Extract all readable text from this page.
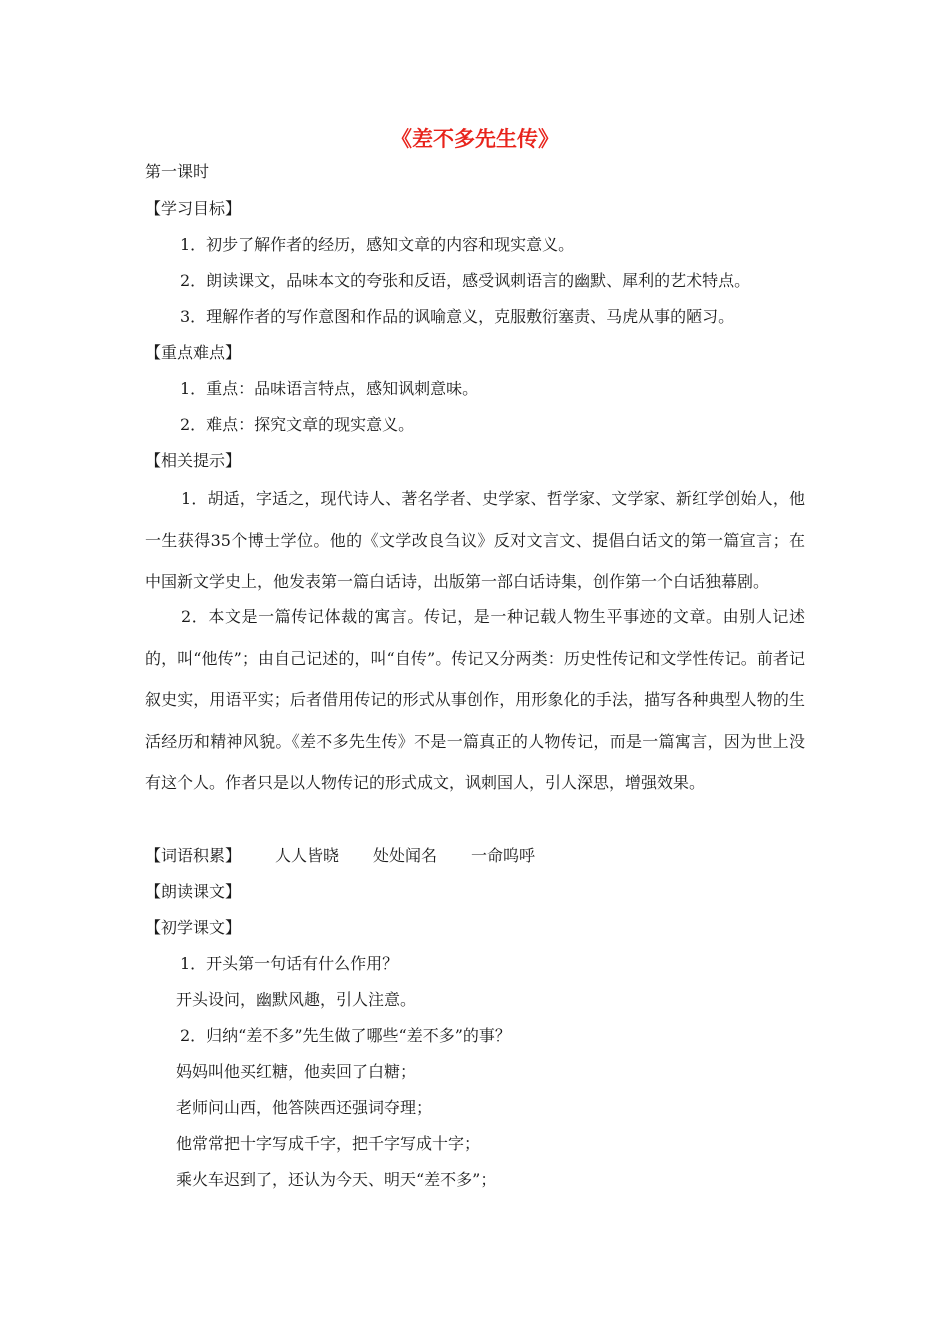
《差不多先生传》
第一课时
【学习目标】
1．初步了解作者的经历，感知文章的内容和现实意义。
2．朗读课文，品味本文的夸张和反语，感受讽刺语言的幽默、犀利的艺术特点。
3．理解作者的写作意图和作品的讽喻意义，克服敷衍塞责、马虎从事的陋习。
【重点难点】
1．重点：品味语言特点，感知讽刺意味。
2．难点：探究文章的现实意义。
【相关提示】
1．胡适，字适之，现代诗人、著名学者、史学家、哲学家、文学家、新红学创始人，他一生获得35个博士学位。他的《文学改良刍议》反对文言文、提倡白话文的第一篇宣言；在中国新文学史上，他发表第一篇白话诗，出版第一部白话诗集，创作第一个白话独幕剧。
2．本文是一篇传记体裁的寓言。传记，是一种记载人物生平事迹的文章。由别人记述的，叫“他传”；由自己记述的，叫“自传”。传记又分两类：历史性传记和文学性传记。前者记叙史实，用语平实；后者借用传记的形式从事创作，用形象化的手法，描写各种典型人物的生活经历和精神风貌。《差不多先生传》不是一篇真正的人物传记，而是一篇寓言，因为世上没有这个人。作者只是以人物传记的形式成文，讽刺国人，引人深思，增强效果。
【词语积累】 人人皆晓 处处闻名 一命呜呼
【朗读课文】
【初学课文】
1．开头第一句话有什么作用？
开头设问，幽默风趣，引人注意。
2．归纳“差不多”先生做了哪些“差不多”的事？
妈妈叫他买红糖，他卖回了白糖；
老师问山西，他答陕西还强词夺理；
他常常把十字写成千字，把千字写成十字；
乘火车迟到了，还认为今天、明天“差不多”；
